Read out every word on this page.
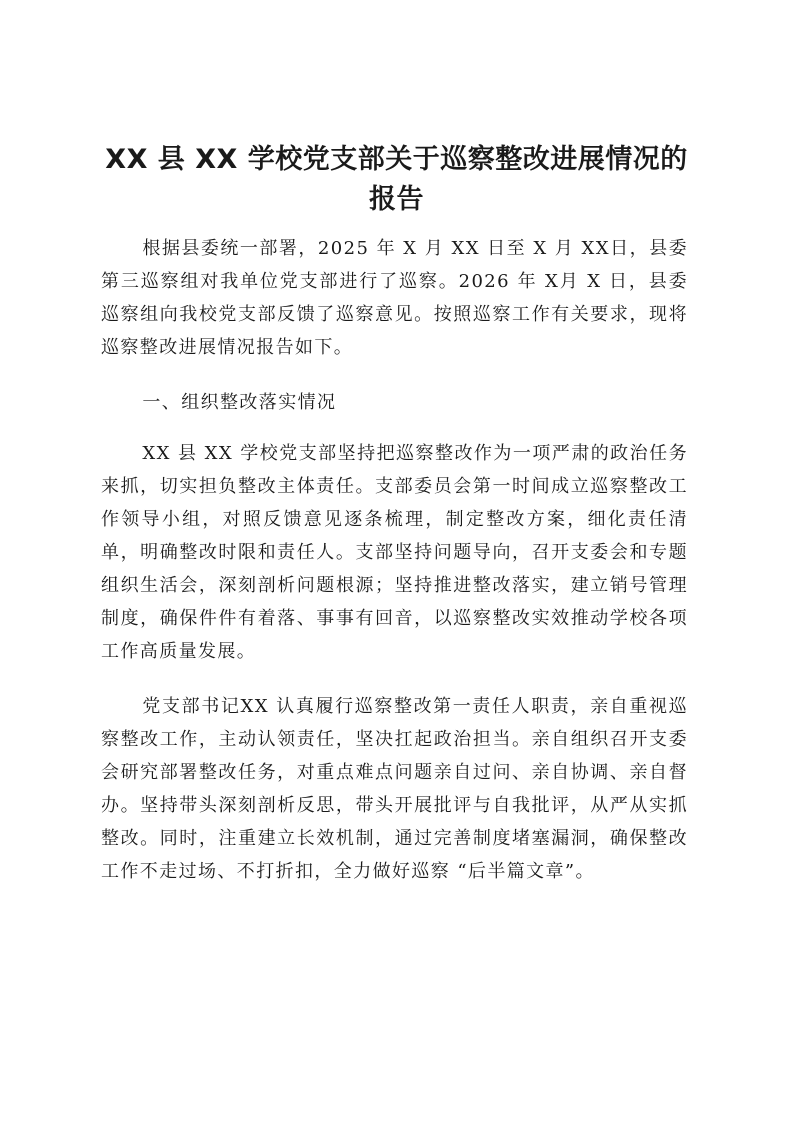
XX 县 XX 学校党支部关于巡察整改进展情况的
报告

根据县委统一部署，2025 年 X 月 XX 日至 X 月 XX日，县委第三巡察组对我单位党支部进行了巡察。2026 年 X月 X 日，县委巡察组向我校党支部反馈了巡察意见。按照巡察工作有关要求，现将巡察整改进展情况报告如下。

一、组织整改落实情况

XX 县 XX 学校党支部坚持把巡察整改作为一项严肃的政治任务来抓，切实担负整改主体责任。支部委员会第一时间成立巡察整改工作领导小组，对照反馈意见逐条梳理，制定整改方案，细化责任清单，明确整改时限和责任人。支部坚持问题导向，召开支委会和专题组织生活会，深刻剖析问题根源；坚持推进整改落实，建立销号管理制度，确保件件有着落、事事有回音，以巡察整改实效推动学校各项工作高质量发展。

党支部书记XX 认真履行巡察整改第一责任人职责，亲自重视巡察整改工作，主动认领责任，坚决扛起政治担当。亲自组织召开支委会研究部署整改任务，对重点难点问题亲自过问、亲自协调、亲自督办。坚持带头深刻剖析反思，带头开展批评与自我批评，从严从实抓整改。同时，注重建立长效机制，通过完善制度堵塞漏洞，确保整改工作不走过场、不打折扣，全力做好巡察 “后半篇文章”。
